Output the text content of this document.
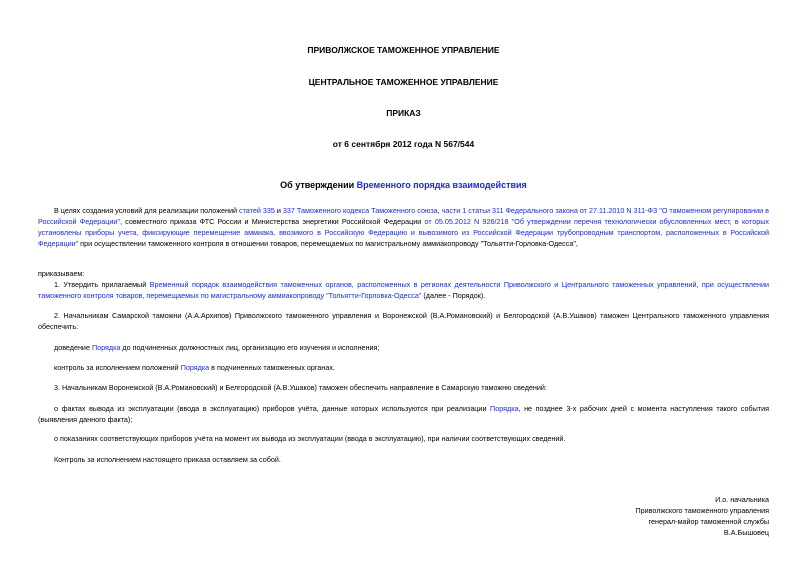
ПРИВОЛЖСКОЕ ТАМОЖЕННОЕ УПРАВЛЕНИЕ
ЦЕНТРАЛЬНОЕ ТАМОЖЕННОЕ УПРАВЛЕНИЕ
ПРИКАЗ
от 6 сентября 2012 года N 567/544
Об утверждении Временного порядка взаимодействия
В целях создания условий для реализации положений статей 335 и 337 Таможенного кодекса Таможенного союза, части 1 статьи 311 Федерального закона от 27.11.2010 N 311-ФЗ "О таможенном регулировании в Российской Федерации", совместного приказа ФТС России и Министерства энергетики Российской Федерации от 05.05.2012 N 926/218 "Об утверждении перечня технологически обусловленных мест, в которых установлены приборы учета, фиксирующие перемещение аммиака, ввозимого в Российскую Федерацию и вывозимого из Российской Федерации трубопроводным транспортом, расположенных в Российской Федерации" при осуществлении таможенного контроля в отношении товаров, перемещаемых по магистральному аммиакопроводу "Тольятти-Горловка-Одесса",
приказываем:
1. Утвердить прилагаемый Временный порядок взаимодействия таможенных органов, расположенных в регионах деятельности Приволжского и Центрального таможенных управлений, при осуществлении таможенного контроля товаров, перемещаемых по магистральному аммиакопроводу "Тольятти-Горловка-Одесса" (далее - Порядок).
2. Начальникам Самарской таможни (А.А.Архипов) Приволжского таможенного управления и Воронежской (В.А.Романовский) и Белгородской (А.В.Ушаков) таможен Центрального таможенного управления обеспечить:
доведение Порядка до подчиненных должностных лиц, организацию его изучения и исполнения;
контроль за исполнением положений Порядка в подчиненных таможенных органах.
3. Начальникам Воронежской (В.А.Романовский) и Белгородской (А.В.Ушаков) таможен обеспечить направление в Самарскую таможню сведений:
о фактах вывода из эксплуатации (ввода в эксплуатацию) приборов учёта, данные которых используются при реализации Порядка, не позднее 3-х рабочих дней с момента наступления такого события (выявления данного факта);
о показаниях соответствующих приборов учёта на момент их вывода из эксплуатации (ввода в эксплуатацию), при наличии соответствующих сведений.
Контроль за исполнением настоящего приказа оставляем за собой.
И.о. начальника
Приволжского таможенного управления
генерал-майор таможенной службы
В.А.Бышовец
